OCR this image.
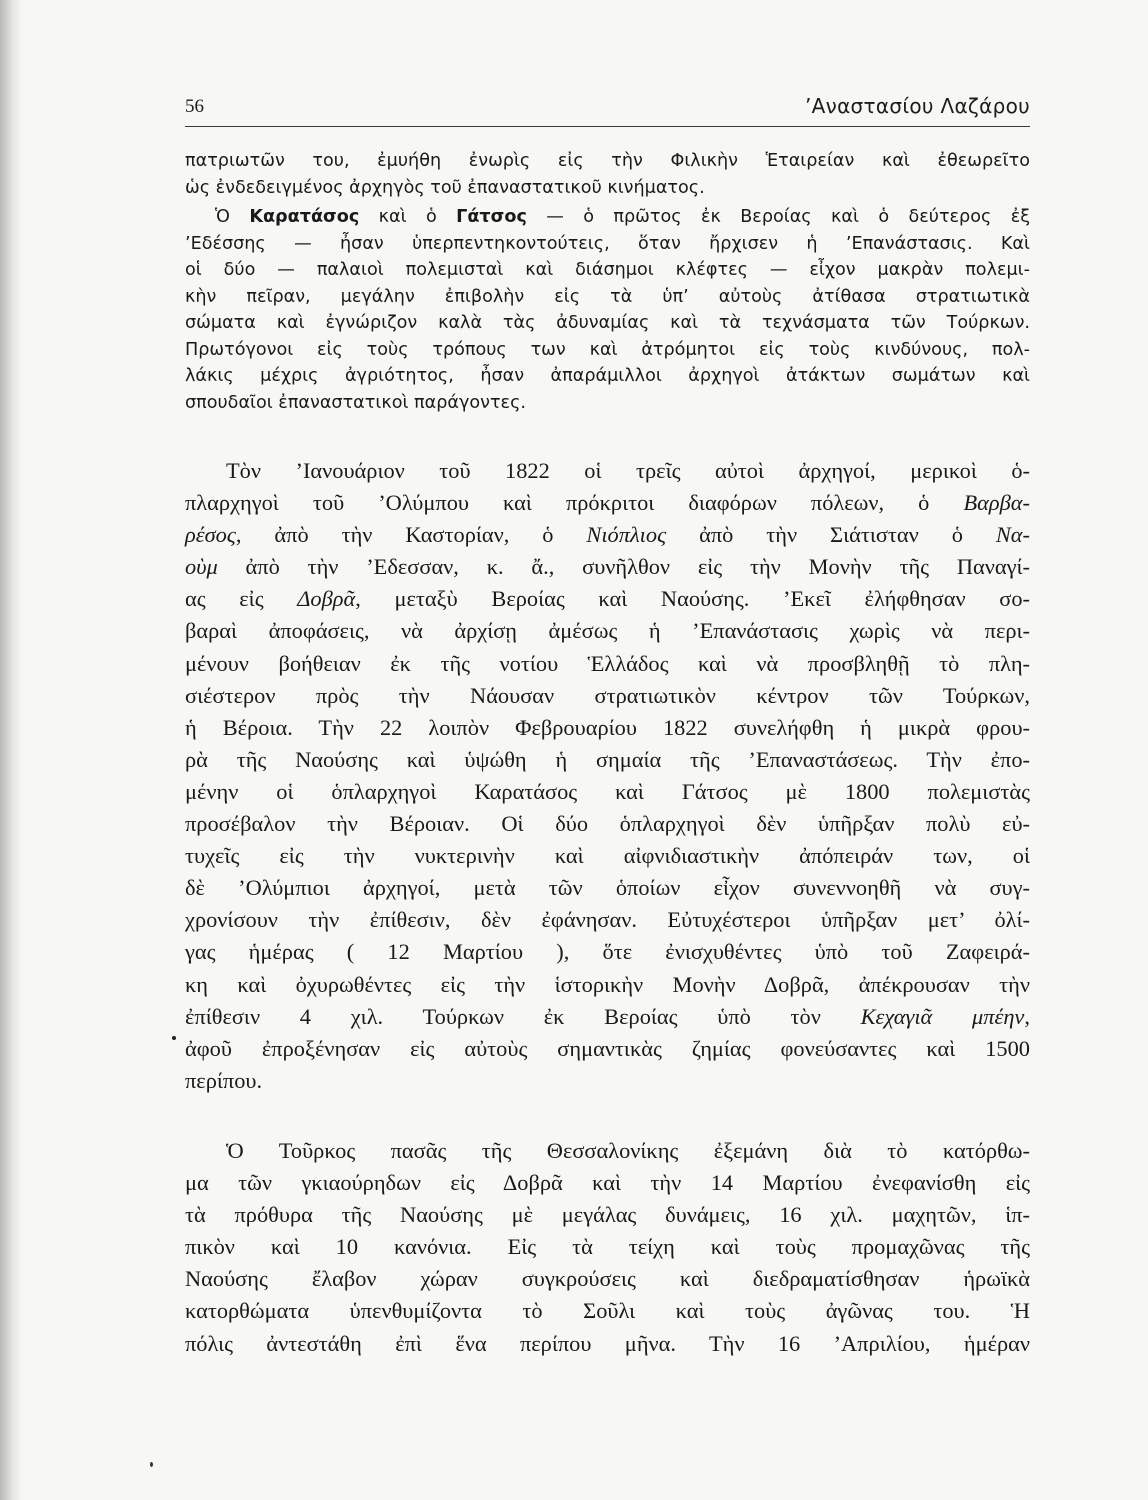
56	’Αναστασίου Λαζάρου
πατριωτῶν του, ἐμυήθη ἐνωρὶς εἰς τὴν Φιλικὴν Ἑταιρείαν καὶ ἐθεωρεῖτο
ὡς ἐνδεδειγμένος ἀρχηγὸς τοῦ ἐπαναστατικοῦ κινήματος.
Ὁ Καρατάσος καὶ ὁ Γάτσος — ὁ πρῶτος ἐκ Βεροίας καὶ ὁ δεύτερος ἐξ
’Εδέσσης — ἦσαν ὑπερπεντηκοντούτεις, ὅταν ἤρχισεν ἡ ’Επανάστασις. Καὶ
οἱ δύο — παλαιοὶ πολεμισταὶ καὶ διάσημοι κλέφτες — εἶχον μακρὰν πολεμι-
κὴν πεῖραν, μεγάλην ἐπιβολὴν εἰς τὰ ὑπ’ αὐτοὺς ἀτίθασα στρατιωτικὰ
σώματα καὶ ἐγνώριζον καλὰ τὰς ἀδυναμίας καὶ τὰ τεχνάσματα τῶν Τούρκων.
Πρωτόγονοι εἰς τοὺς τρόπους των καὶ ἀτρόμητοι εἰς τοὺς κινδύνους, πολ-
λάκις μέχρις ἀγριότητος, ἦσαν ἀπαράμιλλοι ἀρχηγοὶ ἀτάκτων σωμάτων καὶ
σπουδαῖοι ἐπαναστατικοὶ παράγοντες.
Τὸν ’Ιανουάριον τοῦ 1822 οἱ τρεῖς αὐτοὶ ἀρχηγοί, μερικοὶ ὁ-
πλαρχηγοὶ τοῦ ’Ολύμπου καὶ πρόκριτοι διαφόρων πόλεων, ὁ Βαρβα-
ρέσος, ἀπὸ τὴν Καστορίαν, ὁ Νιόπλιος ἀπὸ τὴν Σιάτισταν ὁ Να-
οὺμ ἀπὸ τὴν ’Εδεσσαν, κ. ἄ., συνῆλθον εἰς τὴν Μονὴν τῆς Παναγί-
ας εἰς Δοβρᾶ, μεταξὺ Βεροίας καὶ Ναούσης. ’Εκεῖ ἐλήφθησαν σο-
βαραὶ ἀποφάσεις, νὰ ἀρχίσῃ ἀμέσως ἡ ’Επανάστασις χωρὶς νὰ περι-
μένουν βοήθειαν ἐκ τῆς νοτίου Ἑλλάδος καὶ νὰ προσβληθῇ τὸ πλη-
σιέστερον πρὸς τὴν Νάουσαν στρατιωτικὸν κέντρον τῶν Τούρκων,
ἡ Βέροια. Τὴν 22 λοιπὸν Φεβρουαρίου 1822 συνελήφθη ἡ μικρὰ φρου-
ρὰ τῆς Ναούσης καὶ ὑψώθη ἡ σημαία τῆς ’Επαναστάσεως. Τὴν ἐπο-
μένην οἱ ὁπλαρχηγοὶ Καρατάσος καὶ Γάτσος μὲ 1800 πολεμιστὰς
προσέβαλον τὴν Βέροιαν. Οἱ δύο ὁπλαρχηγοὶ δὲν ὑπῆρξαν πολὺ εὐ-
τυχεῖς εἰς τὴν νυκτερινὴν καὶ αἰφνιδιαστικὴν ἀπόπειράν των, οἱ
δὲ ’Ολύμπιοι ἀρχηγοί, μετὰ τῶν ὁποίων εἶχον συνεννοηθῆ νὰ συγ-
χρονίσουν τὴν ἐπίθεσιν, δὲν ἐφάνησαν. Εὐτυχέστεροι ὑπῆρξαν μετ’ ὀλί-
γας ἡμέρας ( 12 Μαρτίου ), ὅτε ἐνισχυθέντες ὑπὸ τοῦ Ζαφειρά-
κη καὶ ὀχυρωθέντες εἰς τὴν ἱστορικὴν Μονὴν Δοβρᾶ, ἀπέκρουσαν τὴν
ἐπίθεσιν 4 χιλ. Τούρκων ἐκ Βεροίας ὑπὸ τὸν Κεχαγιᾶ μπέην,
ἀφοῦ ἐπροξένησαν εἰς αὐτοὺς σημαντικὰς ζημίας φονεύσαντες καὶ 1500
περίπου.
Ὁ Τοῦρκος πασᾶς τῆς Θεσσαλονίκης ἐξεμάνη διὰ τὸ κατόρθω-
μα τῶν γκιαούρηδων εἰς Δοβρᾶ καὶ τὴν 14 Μαρτίου ἐνεφανίσθη εἰς
τὰ πρόθυρα τῆς Ναούσης μὲ μεγάλας δυνάμεις, 16 χιλ. μαχητῶν, ἱπ-
πικὸν καὶ 10 κανόνια. Εἰς τὰ τείχη καὶ τοὺς προμαχῶνας τῆς
Ναούσης ἔλαβον χώραν συγκρούσεις καὶ διεδραματίσθησαν ἡρωϊκὰ
κατορθώματα ὑπενθυμίζοντα τὸ Σοῦλι καὶ τοὺς ἀγῶνας του. Ἡ
πόλις ἀντεστάθη ἐπὶ ἕνα περίπου μῆνα. Τὴν 16 ’Απριλίου, ἡμέραν
